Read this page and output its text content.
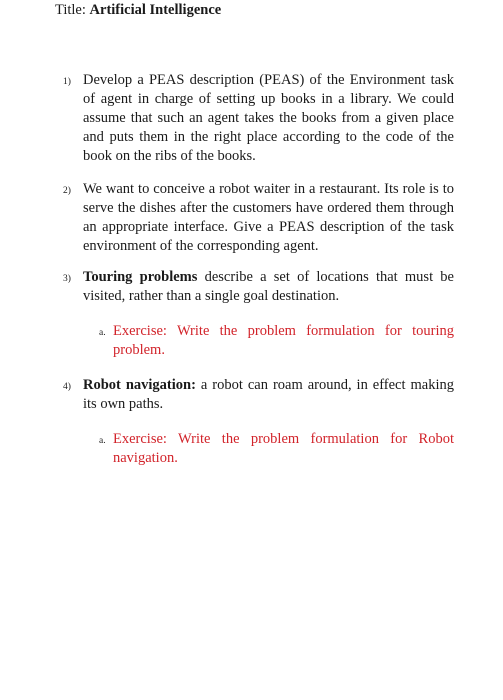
Title: Artificial Intelligence
1) Develop a PEAS description (PEAS) of the Environment task of agent in charge of setting up books in a library. We could assume that such an agent takes the books from a given place and puts them in the right place according to the code of the book on the ribs of the books.
2) We want to conceive a robot waiter in a restaurant. Its role is to serve the dishes after the customers have ordered them through an appropriate interface. Give a PEAS description of the task environment of the corresponding agent.
3) Touring problems describe a set of locations that must be visited, rather than a single goal destination.
a. Exercise: Write the problem formulation for touring problem.
4) Robot navigation: a robot can roam around, in effect making its own paths.
a. Exercise: Write the problem formulation for Robot navigation.
